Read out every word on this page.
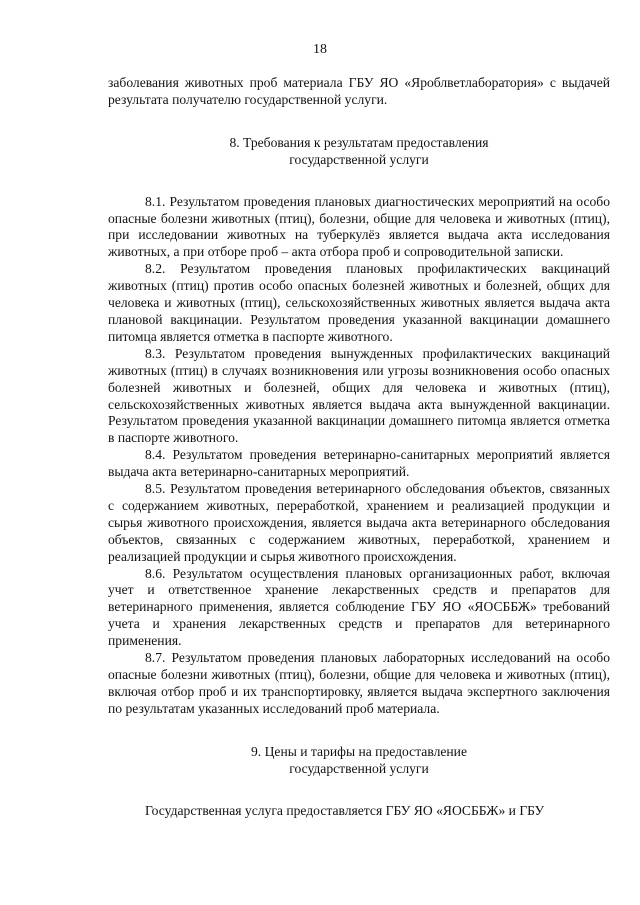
18

заболевания животных проб материала ГБУ ЯО «Яроблветлаборатория» с выдачей результата получателю государственной услуги.

8. Требования к результатам предоставления
государственной услуги

8.1. Результатом проведения плановых диагностических мероприятий на особо опасные болезни животных (птиц), болезни, общие для человека и животных (птиц), при исследовании животных на туберкулёз является выдача акта исследования животных, а при отборе проб – акта отбора проб и сопроводительной записки.

8.2. Результатом проведения плановых профилактических вакцинаций животных (птиц) против особо опасных болезней животных и болезней, общих для человека и животных (птиц), сельскохозяйственных животных является выдача акта плановой вакцинации. Результатом проведения указанной вакцинации домашнего питомца является отметка в паспорте животного.

8.3. Результатом проведения вынужденных профилактических вакцинаций животных (птиц) в случаях возникновения или угрозы возникновения особо опасных болезней животных и болезней, общих для человека и животных (птиц), сельскохозяйственных животных является выдача акта вынужденной вакцинации. Результатом проведения указанной вакцинации домашнего питомца является отметка в паспорте животного.

8.4. Результатом проведения ветеринарно-санитарных мероприятий является выдача акта ветеринарно-санитарных мероприятий.

8.5. Результатом проведения ветеринарного обследования объектов, связанных с содержанием животных, переработкой, хранением и реализацией продукции и сырья животного происхождения, является выдача акта ветеринарного обследования объектов, связанных с содержанием животных, переработкой, хранением и реализацией продукции и сырья животного происхождения.

8.6. Результатом осуществления плановых организационных работ, включая учет и ответственное хранение лекарственных средств и препаратов для ветеринарного применения, является соблюдение ГБУ ЯО «ЯОСББЖ» требований учета и хранения лекарственных средств и препаратов для ветеринарного применения.

8.7. Результатом проведения плановых лабораторных исследований на особо опасные болезни животных (птиц), болезни, общие для человека и животных (птиц), включая отбор проб и их транспортировку, является выдача экспертного заключения по результатам указанных исследований проб материала.

9. Цены и тарифы на предоставление
государственной услуги

Государственная услуга предоставляется ГБУ ЯО «ЯОСББЖ» и ГБУ
